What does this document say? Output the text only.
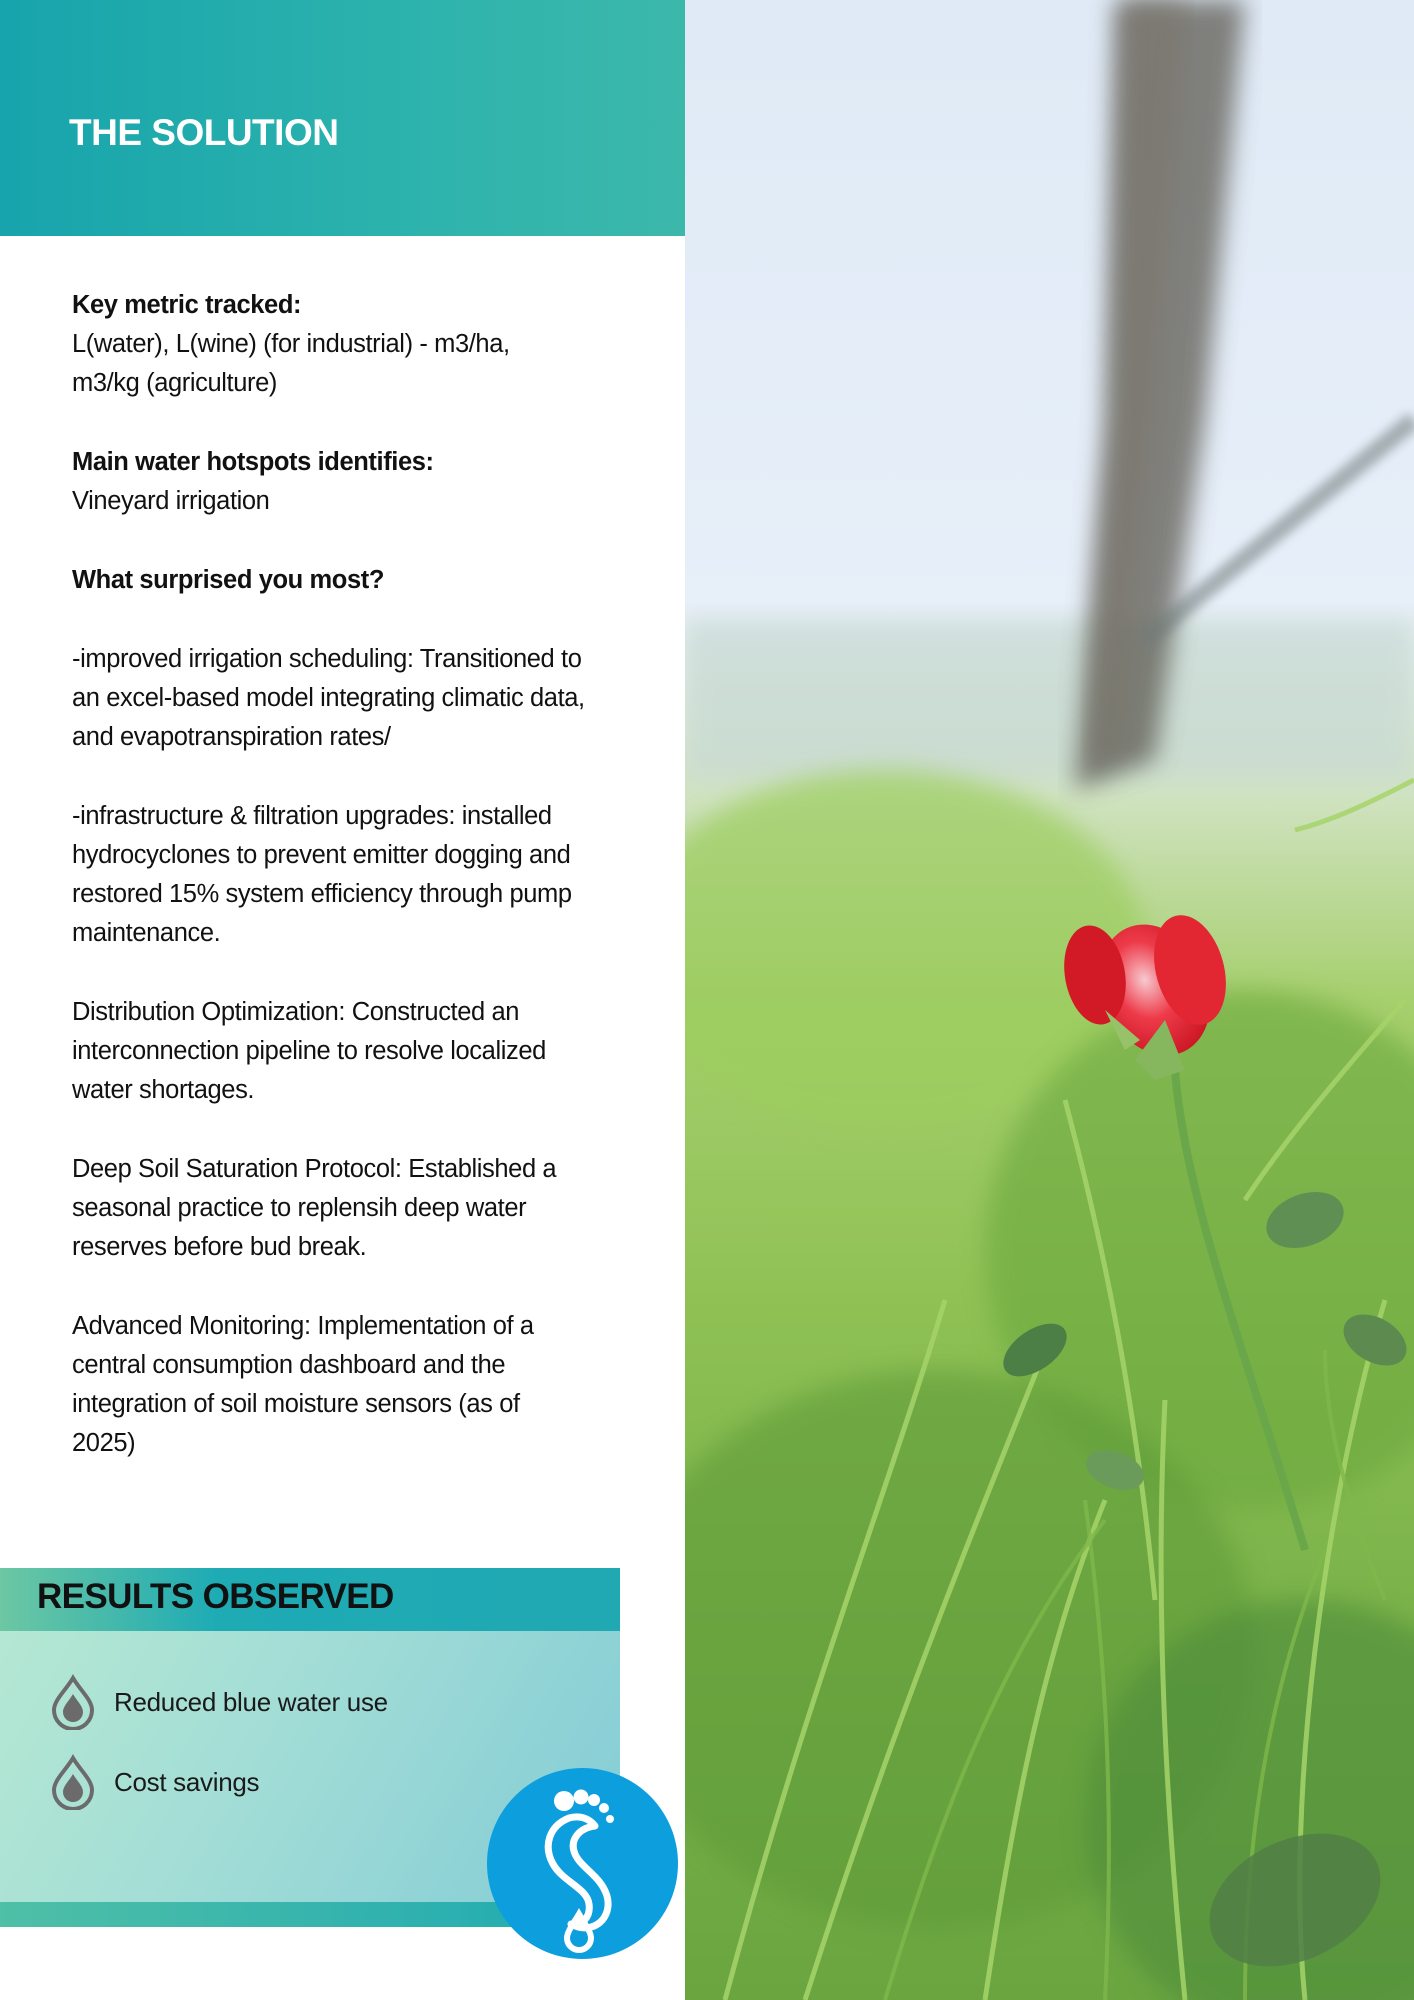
THE SOLUTION
Key metric tracked:
L(water), L(wine) (for industrial) - m3/ha, m3/kg (agriculture)
Main water hotspots identifies:
Vineyard irrigation
What surprised you most?
-improved irrigation scheduling: Transitioned to an excel-based model integrating climatic data, and evapotranspiration rates/
-infrastructure & filtration upgrades: installed hydrocyclones to prevent emitter dogging and restored 15% system efficiency through pump maintenance.
Distribution Optimization: Constructed an interconnection pipeline to resolve localized water shortages.
Deep Soil Saturation Protocol: Established a seasonal practice to replensih deep water reserves before bud break.
Advanced Monitoring: Implementation of a central consumption dashboard and the integration of soil moisture sensors (as of 2025)
RESULTS OBSERVED
Reduced blue water use
Cost savings
